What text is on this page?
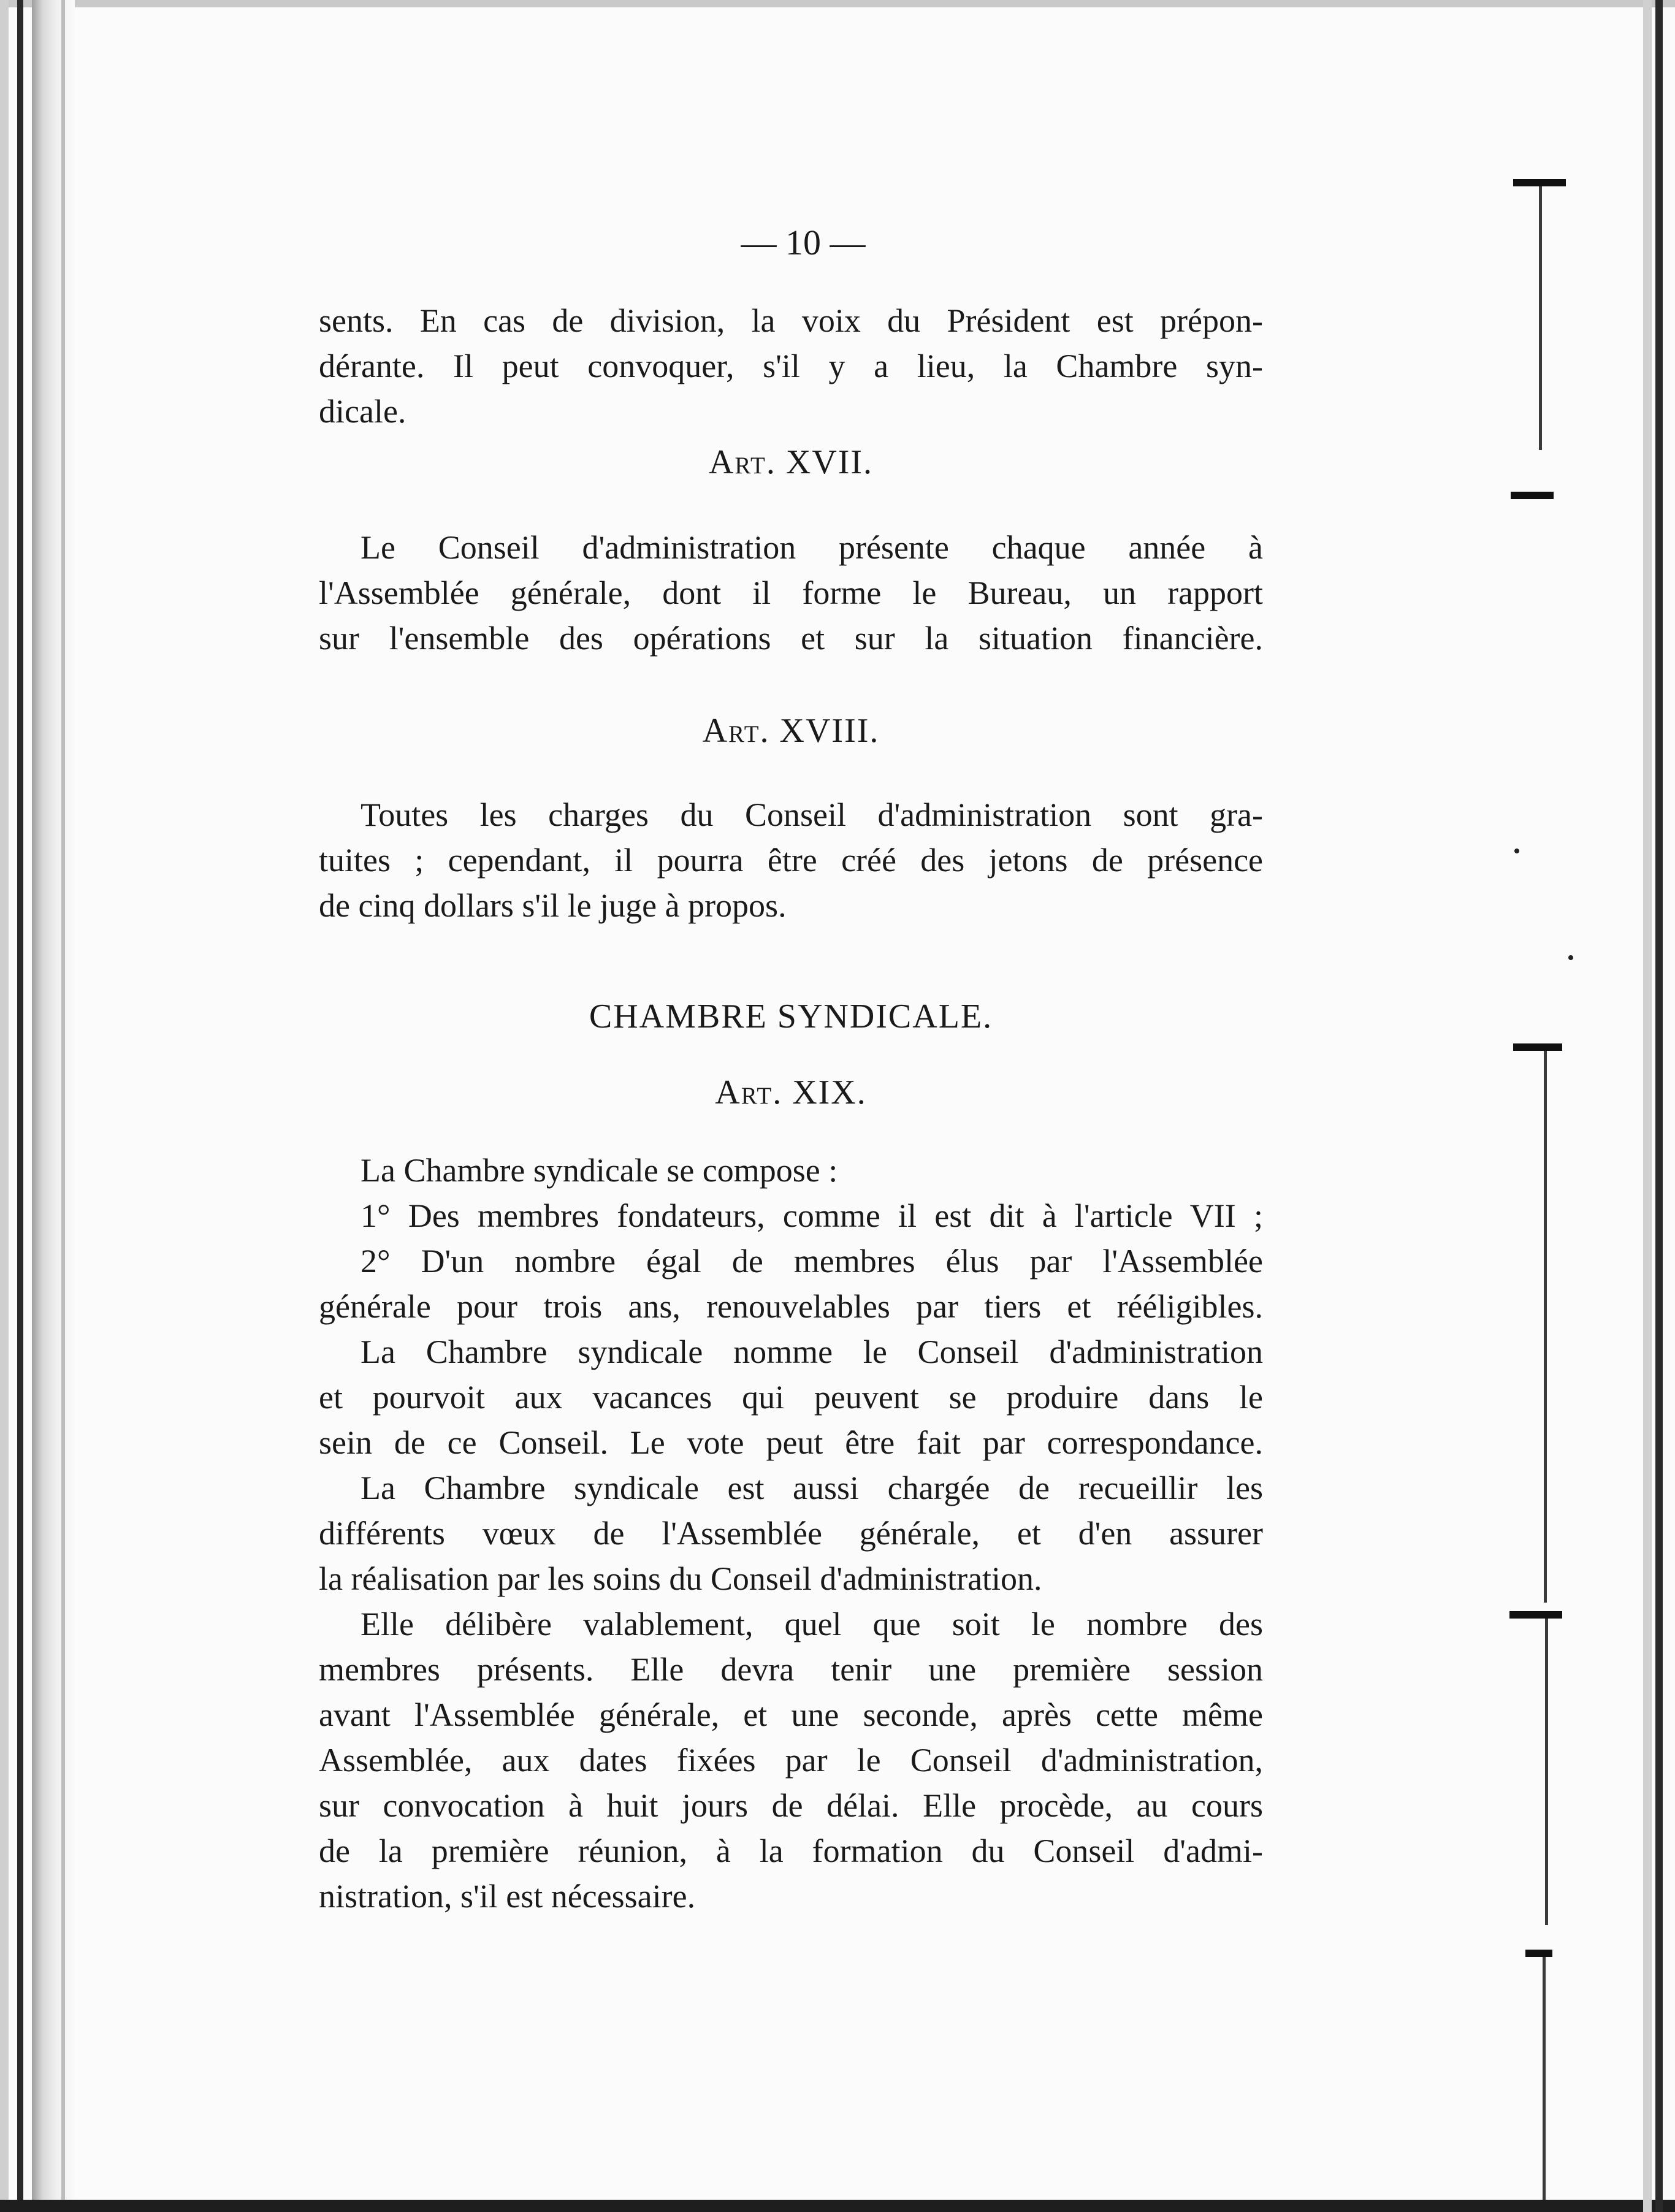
— 10 —
sents. En cas de division, la voix du Président est prépon-
dérante. Il peut convoquer, s'il y a lieu, la Chambre syn-
dicale.
Art. XVII.
Le Conseil d'administration présente chaque année à
l'Assemblée générale, dont il forme le Bureau, un rapport
sur l'ensemble des opérations et sur la situation financière.
Art. XVIII.
Toutes les charges du Conseil d'administration sont gra-
tuites ; cependant, il pourra être créé des jetons de présence
de cinq dollars s'il le juge à propos.
CHAMBRE SYNDICALE.
Art. XIX.
La Chambre syndicale se compose :
1° Des membres fondateurs, comme il est dit à l'article VII ;
2° D'un nombre égal de membres élus par l'Assemblée
générale pour trois ans, renouvelables par tiers et rééligibles.
La Chambre syndicale nomme le Conseil d'administration
et pourvoit aux vacances qui peuvent se produire dans le
sein de ce Conseil. Le vote peut être fait par correspondance.
La Chambre syndicale est aussi chargée de recueillir les
différents vœux de l'Assemblée générale, et d'en assurer
la réalisation par les soins du Conseil d'administration.
Elle délibère valablement, quel que soit le nombre des
membres présents. Elle devra tenir une première session
avant l'Assemblée générale, et une seconde, après cette même
Assemblée, aux dates fixées par le Conseil d'administration,
sur convocation à huit jours de délai. Elle procède, au cours
de la première réunion, à la formation du Conseil d'admi-
nistration, s'il est nécessaire.
